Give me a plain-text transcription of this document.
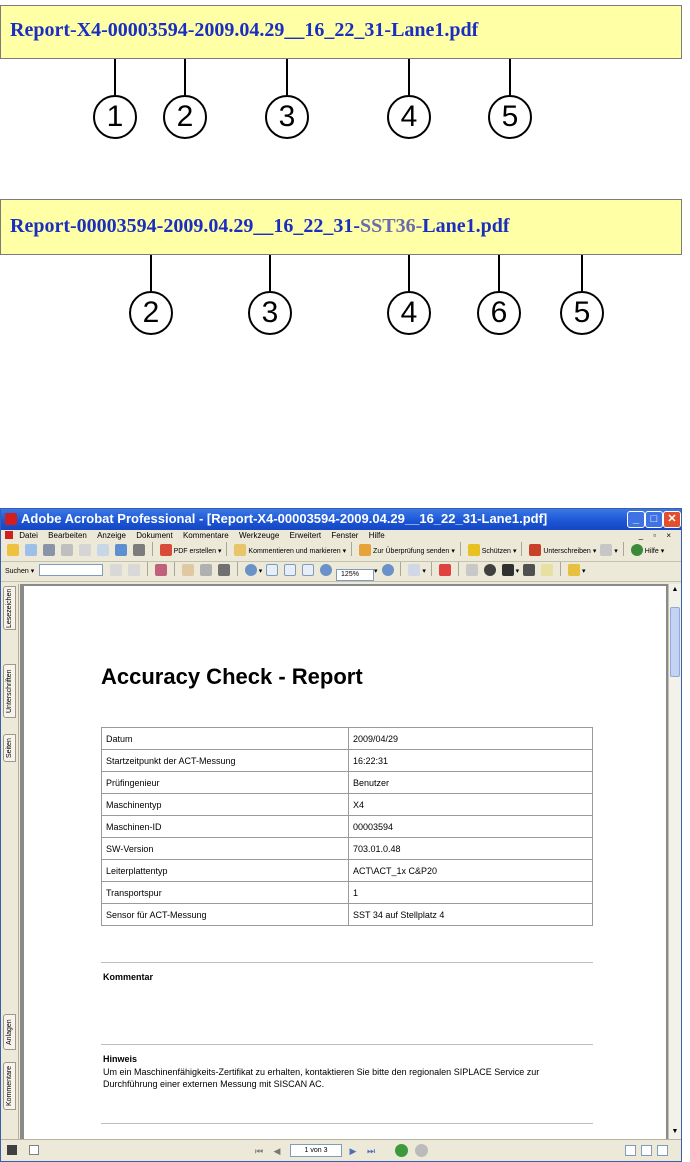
Report-X4-00003594-2009.04.29__16_22_31-Lane1.pdf
1	2	3	4	5
Report-00003594-2009.04.29__16_22_31-SST36-Lane1.pdf
2	3	4	6	5
Adobe Acrobat Professional - [Report-X4-00003594-2009.04.29__16_22_31-Lane1.pdf]	_	□ ✕
Datei Bearbeiten Anzeige Dokument Kommentare Werkzeuge Erweitert Fenster Hilfe	_ ▫ ×
PDF erstellen ▾	Kommentieren und markieren ▾	Zur Überprüfung senden ▾	Schützen ▾	Unterschreiben ▾ ▾	Hilfe ▾
Suchen ▾	▾	125% ▾	▾	▾	▾
Lesezeichen
Unterschriften
Seiten
Anlagen
Kommentare
Accuracy Check - Report
Datum	2009/04/29
Startzeitpunkt der ACT-Messung	16:22:31
Prüfingenieur	Benutzer
Maschinentyp	X4
Maschinen-ID	00003594
SW-Version	703.01.0.48
Leiterplattentyp	ACT\ACT_1x C&P20
Transportspur	1
Sensor für ACT-Messung	SST 34 auf Stellplatz 4
Kommentar
Hinweis
Um ein Maschinenfähigkeits-Zertifikat zu erhalten, kontaktieren Sie bitte den regionalen SIPLACE Service zur Durchführung einer externen Messung mit SISCAN AC.
▲
▼
⏮ ◀	1 von 3	▶ ⏭
